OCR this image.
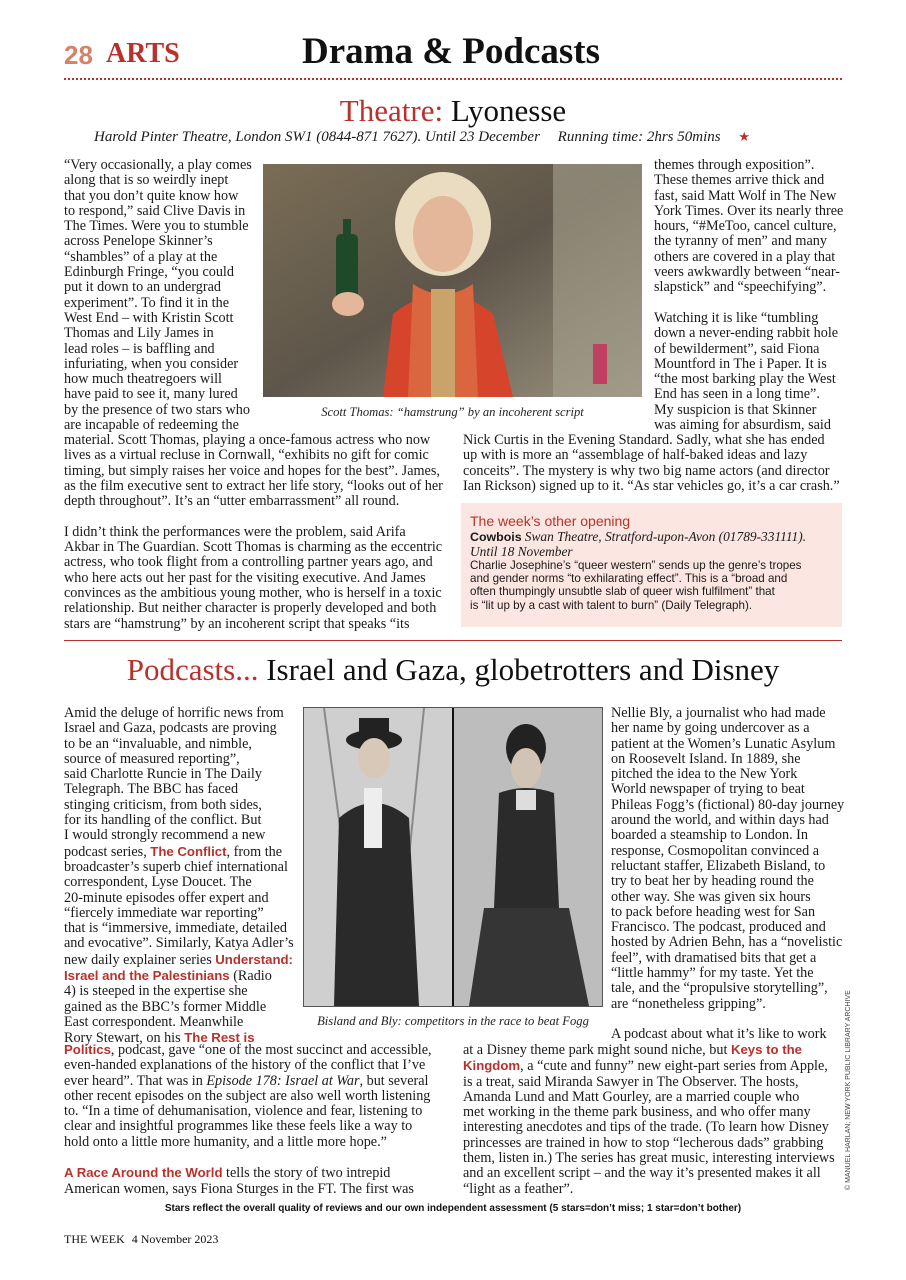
28 ARTS	Drama & Podcasts
Theatre: Lyonesse
Harold Pinter Theatre, London SW1 (0844-871 7627). Until 23 December Running time: 2hrs 50mins ★
Scott Thomas: “hamstrung” by an incoherent script

“Very occasionally, a play comes

along that is so weirdly inept

that you don’t quite know how

to respond,” said Clive Davis in

The Times. Were you to stumble

across Penelope Skinner’s

“shambles” of a play at the

Edinburgh Fringe, “you could

put it down to an undergrad

experiment”. To find it in the

West End – with Kristin Scott

Thomas and Lily James in

lead roles – is baffling and

infuriating, when you consider

how much theatregoers will

have paid to see it, many lured

by the presence of two stars who

are incapable of redeeming the

material. Scott Thomas, playing a once-famous actress who now

lives as a virtual recluse in Cornwall, “exhibits no gift for comic

timing, but simply raises her voice and hopes for the best”. James,

as the film executive sent to extract her life story, “looks out of her

depth throughout”. It’s an “utter embarrassment” all round.

I didn’t think the performances were the problem, said Arifa

Akbar in The Guardian. Scott Thomas is charming as the eccentric

actress, who took flight from a controlling partner years ago, and

who here acts out her past for the visiting executive. And James

convinces as the ambitious young mother, who is herself in a toxic

relationship. But neither character is properly developed and both

stars are “hamstrung” by an incoherent script that speaks “its

themes through exposition”.

These themes arrive thick and

fast, said Matt Wolf in The New

York Times. Over its nearly three

hours, “#MeToo, cancel culture,

the tyranny of men” and many

others are covered in a play that

veers awkwardly between “near-

slapstick” and “speechifying”.

Watching it is like “tumbling

down a never-ending rabbit hole

of bewilderment”, said Fiona

Mountford in The i Paper. It is

“the most barking play the West

End has seen in a long time”.

My suspicion is that Skinner

was aiming for absurdism, said

Nick Curtis in the Evening Standard. Sadly, what she has ended

up with is more an “assemblage of half-baked ideas and lazy

conceits”. The mystery is why two big name actors (and director

Ian Rickson) signed up to it. “As star vehicles go, it’s a car crash.”

The week’s other opening
Cowbois Swan Theatre, Stratford-upon-Avon (01789-331111).
Until 18 November

Charlie Josephine’s “queer western” sends up the genre’s tropes

and gender norms “to exhilarating effect”. This is a “broad and

often thumpingly unsubtle slab of queer wish fulfilment” that

is “lit up by a cast with talent to burn” (Daily Telegraph).

Podcasts... Israel and Gaza, globetrotters and Disney
Bisland and Bly: competitors in the race to beat Fogg

Amid the deluge of horrific news from

Israel and Gaza, podcasts are proving

to be an “invaluable, and nimble,

source of measured reporting”,

said Charlotte Runcie in The Daily

Telegraph. The BBC has faced

stinging criticism, from both sides,

for its handling of the conflict. But

I would strongly recommend a new

podcast series, The Conflict, from the

broadcaster’s superb chief international

correspondent, Lyse Doucet. The

20-minute episodes offer expert and

“fiercely immediate war reporting”

that is “immersive, immediate, detailed

and evocative”. Similarly, Katya Adler’s

new daily explainer series Understand:

Israel and the Palestinians (Radio

4) is steeped in the expertise she

gained as the BBC’s former Middle

East correspondent. Meanwhile

Rory Stewart, on his The Rest is

Politics, podcast, gave “one of the most succinct and accessible,

even-handed explanations of the history of the conflict that I’ve

ever heard”. That was in Episode 178: Israel at War, but several

other recent episodes on the subject are also well worth listening

to. “In a time of dehumanisation, violence and fear, listening to

clear and insightful programmes like these feels like a way to

hold onto a little more humanity, and a little more hope.”

A Race Around the World tells the story of two intrepid

American women, says Fiona Sturges in the FT. The first was

Nellie Bly, a journalist who had made

her name by going undercover as a

patient at the Women’s Lunatic Asylum

on Roosevelt Island. In 1889, she

pitched the idea to the New York

World newspaper of trying to beat

Phileas Fogg’s (fictional) 80-day journey

around the world, and within days had

boarded a steamship to London. In

response, Cosmopolitan convinced a

reluctant staffer, Elizabeth Bisland, to

try to beat her by heading round the

other way. She was given six hours

to pack before heading west for San

Francisco. The podcast, produced and

hosted by Adrien Behn, has a “novelistic

feel”, with dramatised bits that get a

“little hammy” for my taste. Yet the

tale, and the “propulsive storytelling”,

are “nonetheless gripping”.

A podcast about what it’s like to work

at a Disney theme park might sound niche, but Keys to the

Kingdom, a “cute and funny” new eight-part series from Apple,

is a treat, said Miranda Sawyer in The Observer. The hosts,

Amanda Lund and Matt Gourley, are a married couple who

met working in the theme park business, and who offer many

interesting anecdotes and tips of the trade. (To learn how Disney

princesses are trained in how to stop “lecherous dads” grabbing

them, listen in.) The series has great music, interesting interviews

and an excellent script – and the way it’s presented makes it all

“light as a feather”.	© MANUEL HARLAN; NEW YORK PUBLIC LIBRARY ARCHIVE
Stars reflect the overall quality of reviews and our own independent assessment (5 stars=don’t miss; 1 star=don’t bother)
THE WEEK 4 November 2023
